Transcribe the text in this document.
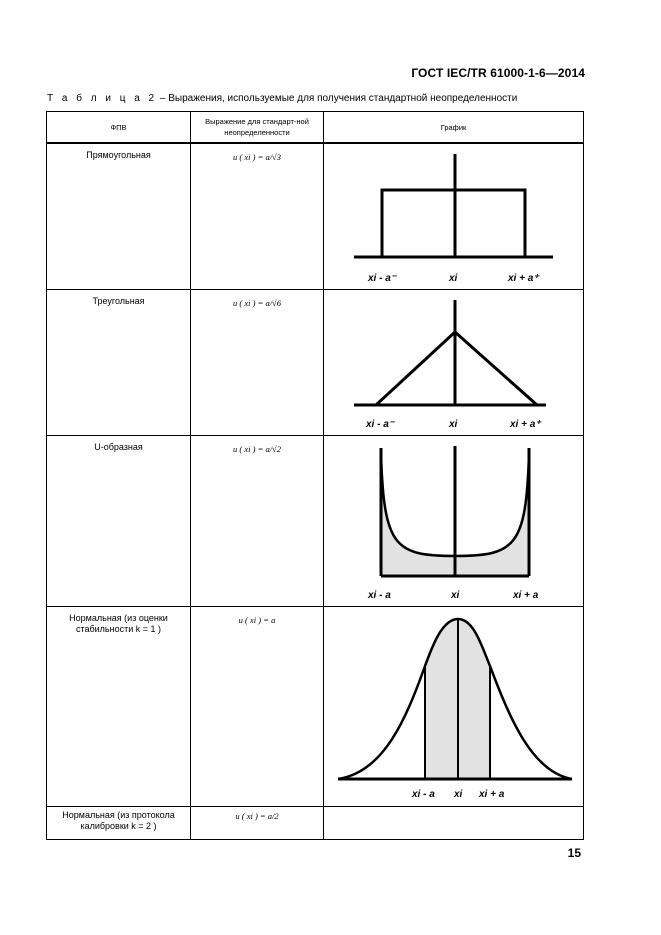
ГОСТ IEC/TR 61000-1-6—2014
Т а б л и ц а 2 – Выражения, используемые для получения стандартной неопределенности
ФПВ	Выражение для стандарт-ной неопределенности	График

Прямоугольная	u ( xi ) = a/√3	xi - a⁻ xi xi + a⁺

Треугольная	u ( xi ) = a/√6	xi - a⁻ xi xi + a⁺

U-образная	u ( xi ) = a/√2	xi - a xi xi + a

Нормальная (из оценки стабильности k = 1 )	u ( xi ) = a	xi - a xi xi + a

Нормальная (из протокола калибровки k = 2 )	u ( xi ) = a/2	

15
